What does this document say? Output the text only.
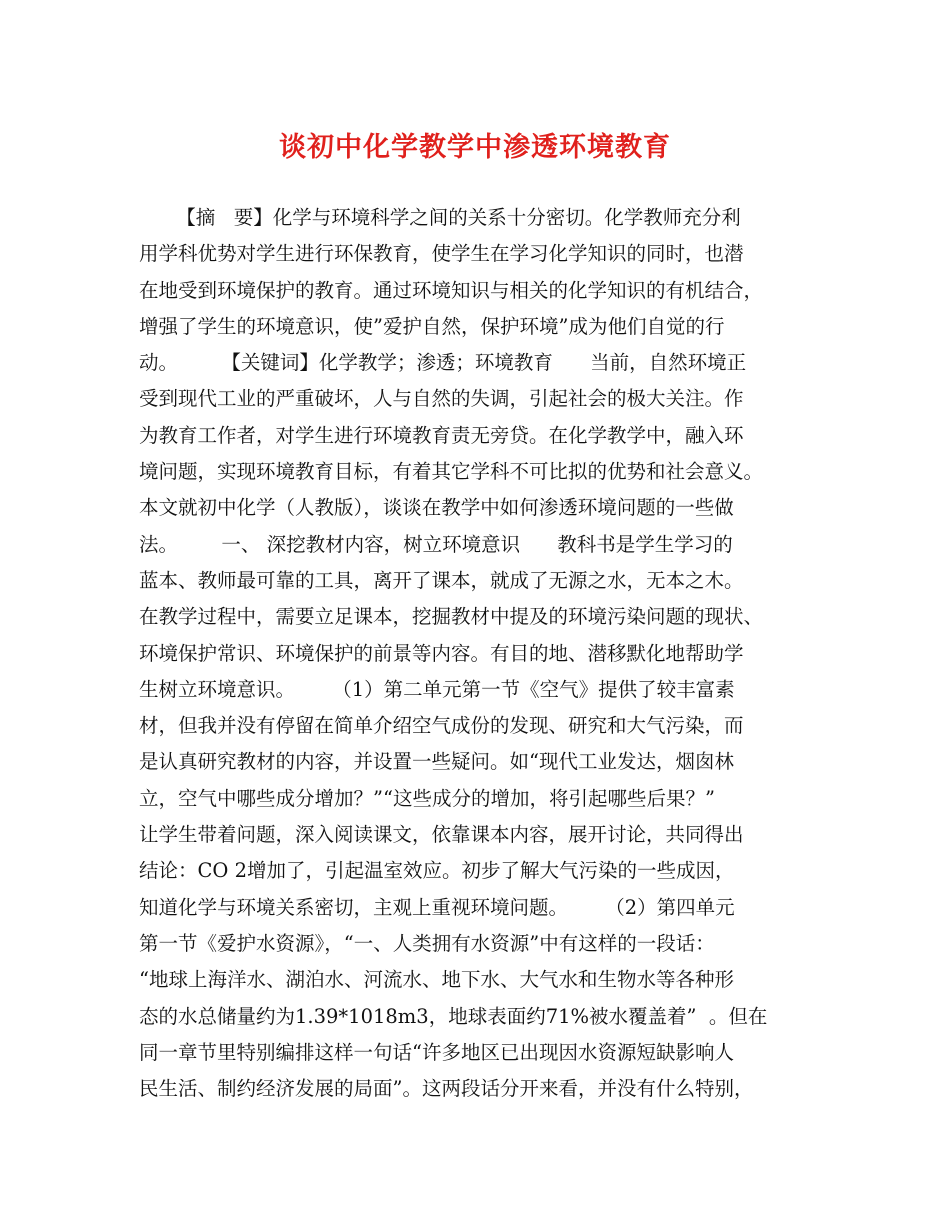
谈初中化学教学中渗透环境教育
【摘   要】化学与环境科学之间的关系十分密切。化学教师充分利
用学科优势对学生进行环保教育，使学生在学习化学知识的同时，也潜
在地受到环境保护的教育。通过环境知识与相关的化学知识的有机结合，
增强了学生的环境意识，使”爱护自然，保护环境”成为他们自觉的行
动。       【关键词】化学教学；渗透；环境教育      当前，自然环境正
受到现代工业的严重破坏，人与自然的失调，引起社会的极大关注。作
为教育工作者，对学生进行环境教育责无旁贷。在化学教学中，融入环
境问题，实现环境教育目标，有着其它学科不可比拟的优势和社会意义。
本文就初中化学（人教版），谈谈在教学中如何渗透环境问题的一些做
法。       一、 深挖教材内容，树立环境意识      教科书是学生学习的
蓝本、教师最可靠的工具，离开了课本，就成了无源之水，无本之木。
在教学过程中，需要立足课本，挖掘教材中提及的环境污染问题的现状、
环境保护常识、环境保护的前景等内容。有目的地、潜移默化地帮助学
生树立环境意识。      （1）第二单元第一节《空气》提供了较丰富素
材，但我并没有停留在简单介绍空气成份的发现、研究和大气污染，而
是认真研究教材的内容，并设置一些疑问。如“现代工业发达，烟囱林
立，空气中哪些成分增加？”“这些成分的增加，将引起哪些后果？”
让学生带着问题，深入阅读课文，依靠课本内容，展开讨论，共同得出
结论：CO 2增加了，引起温室效应。初步了解大气污染的一些成因，
知道化学与环境关系密切，主观上重视环境问题。      （2）第四单元
第一节《爱护水资源》，“一、人类拥有水资源”中有这样的一段话：
“地球上海洋水、湖泊水、河流水、地下水、大气水和生物水等各种形
态的水总储量约为1.39*1018m3，地球表面约71%被水覆盖着”  。但在
同一章节里特别编排这样一句话“许多地区已出现因水资源短缺影响人
民生活、制约经济发展的局面”。这两段话分开来看，并没有什么特别，
